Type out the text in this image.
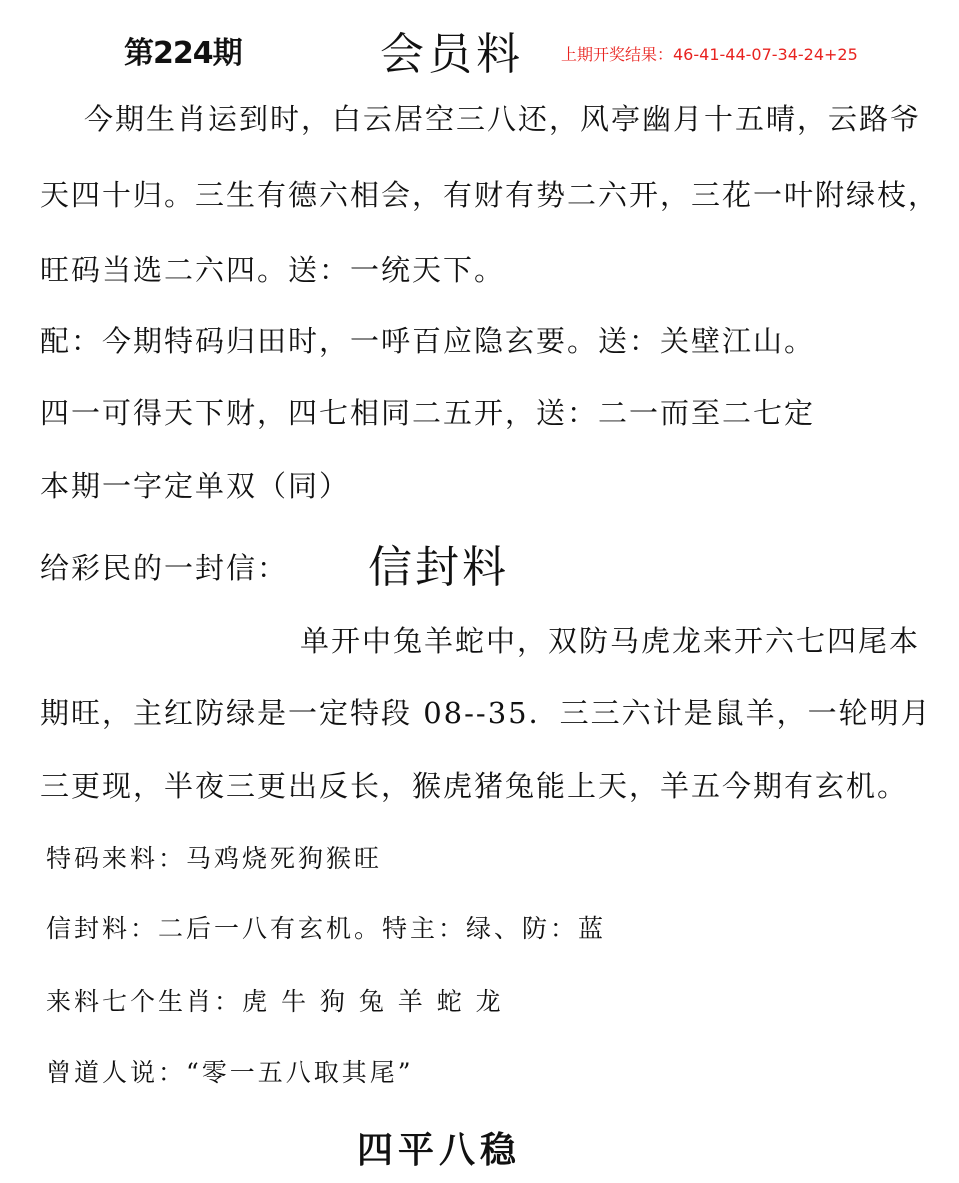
第224期	会员料 上期开奖结果：46-41-44-07-34-24+25
今期生肖运到时，白云居空三八还，风亭幽月十五晴，云路爷
天四十归。三生有德六相会，有财有势二六开，三花一叶附绿枝，
旺码当选二六四。送：一统天下。
配：今期特码归田时，一呼百应隐玄要。送：关壁江山。
四一可得天下财，四七相同二五开，送：二一而至二七定
本期一字定单双（同）
给彩民的一封信： 信封料
单开中兔羊蛇中，双防马虎龙来开六七四尾本
期旺，主红防绿是一定特段 08--35．三三六计是鼠羊，一轮明月
三更现，半夜三更出反长，猴虎猪兔能上天，羊五今期有玄机。
特码来料：马鸡烧死狗猴旺
信封料：二后一八有玄机。特主：绿、防：蓝
来料七个生肖：虎 牛 狗 兔 羊 蛇 龙
曾道人说：“零一五八取其尾”
四平八稳
